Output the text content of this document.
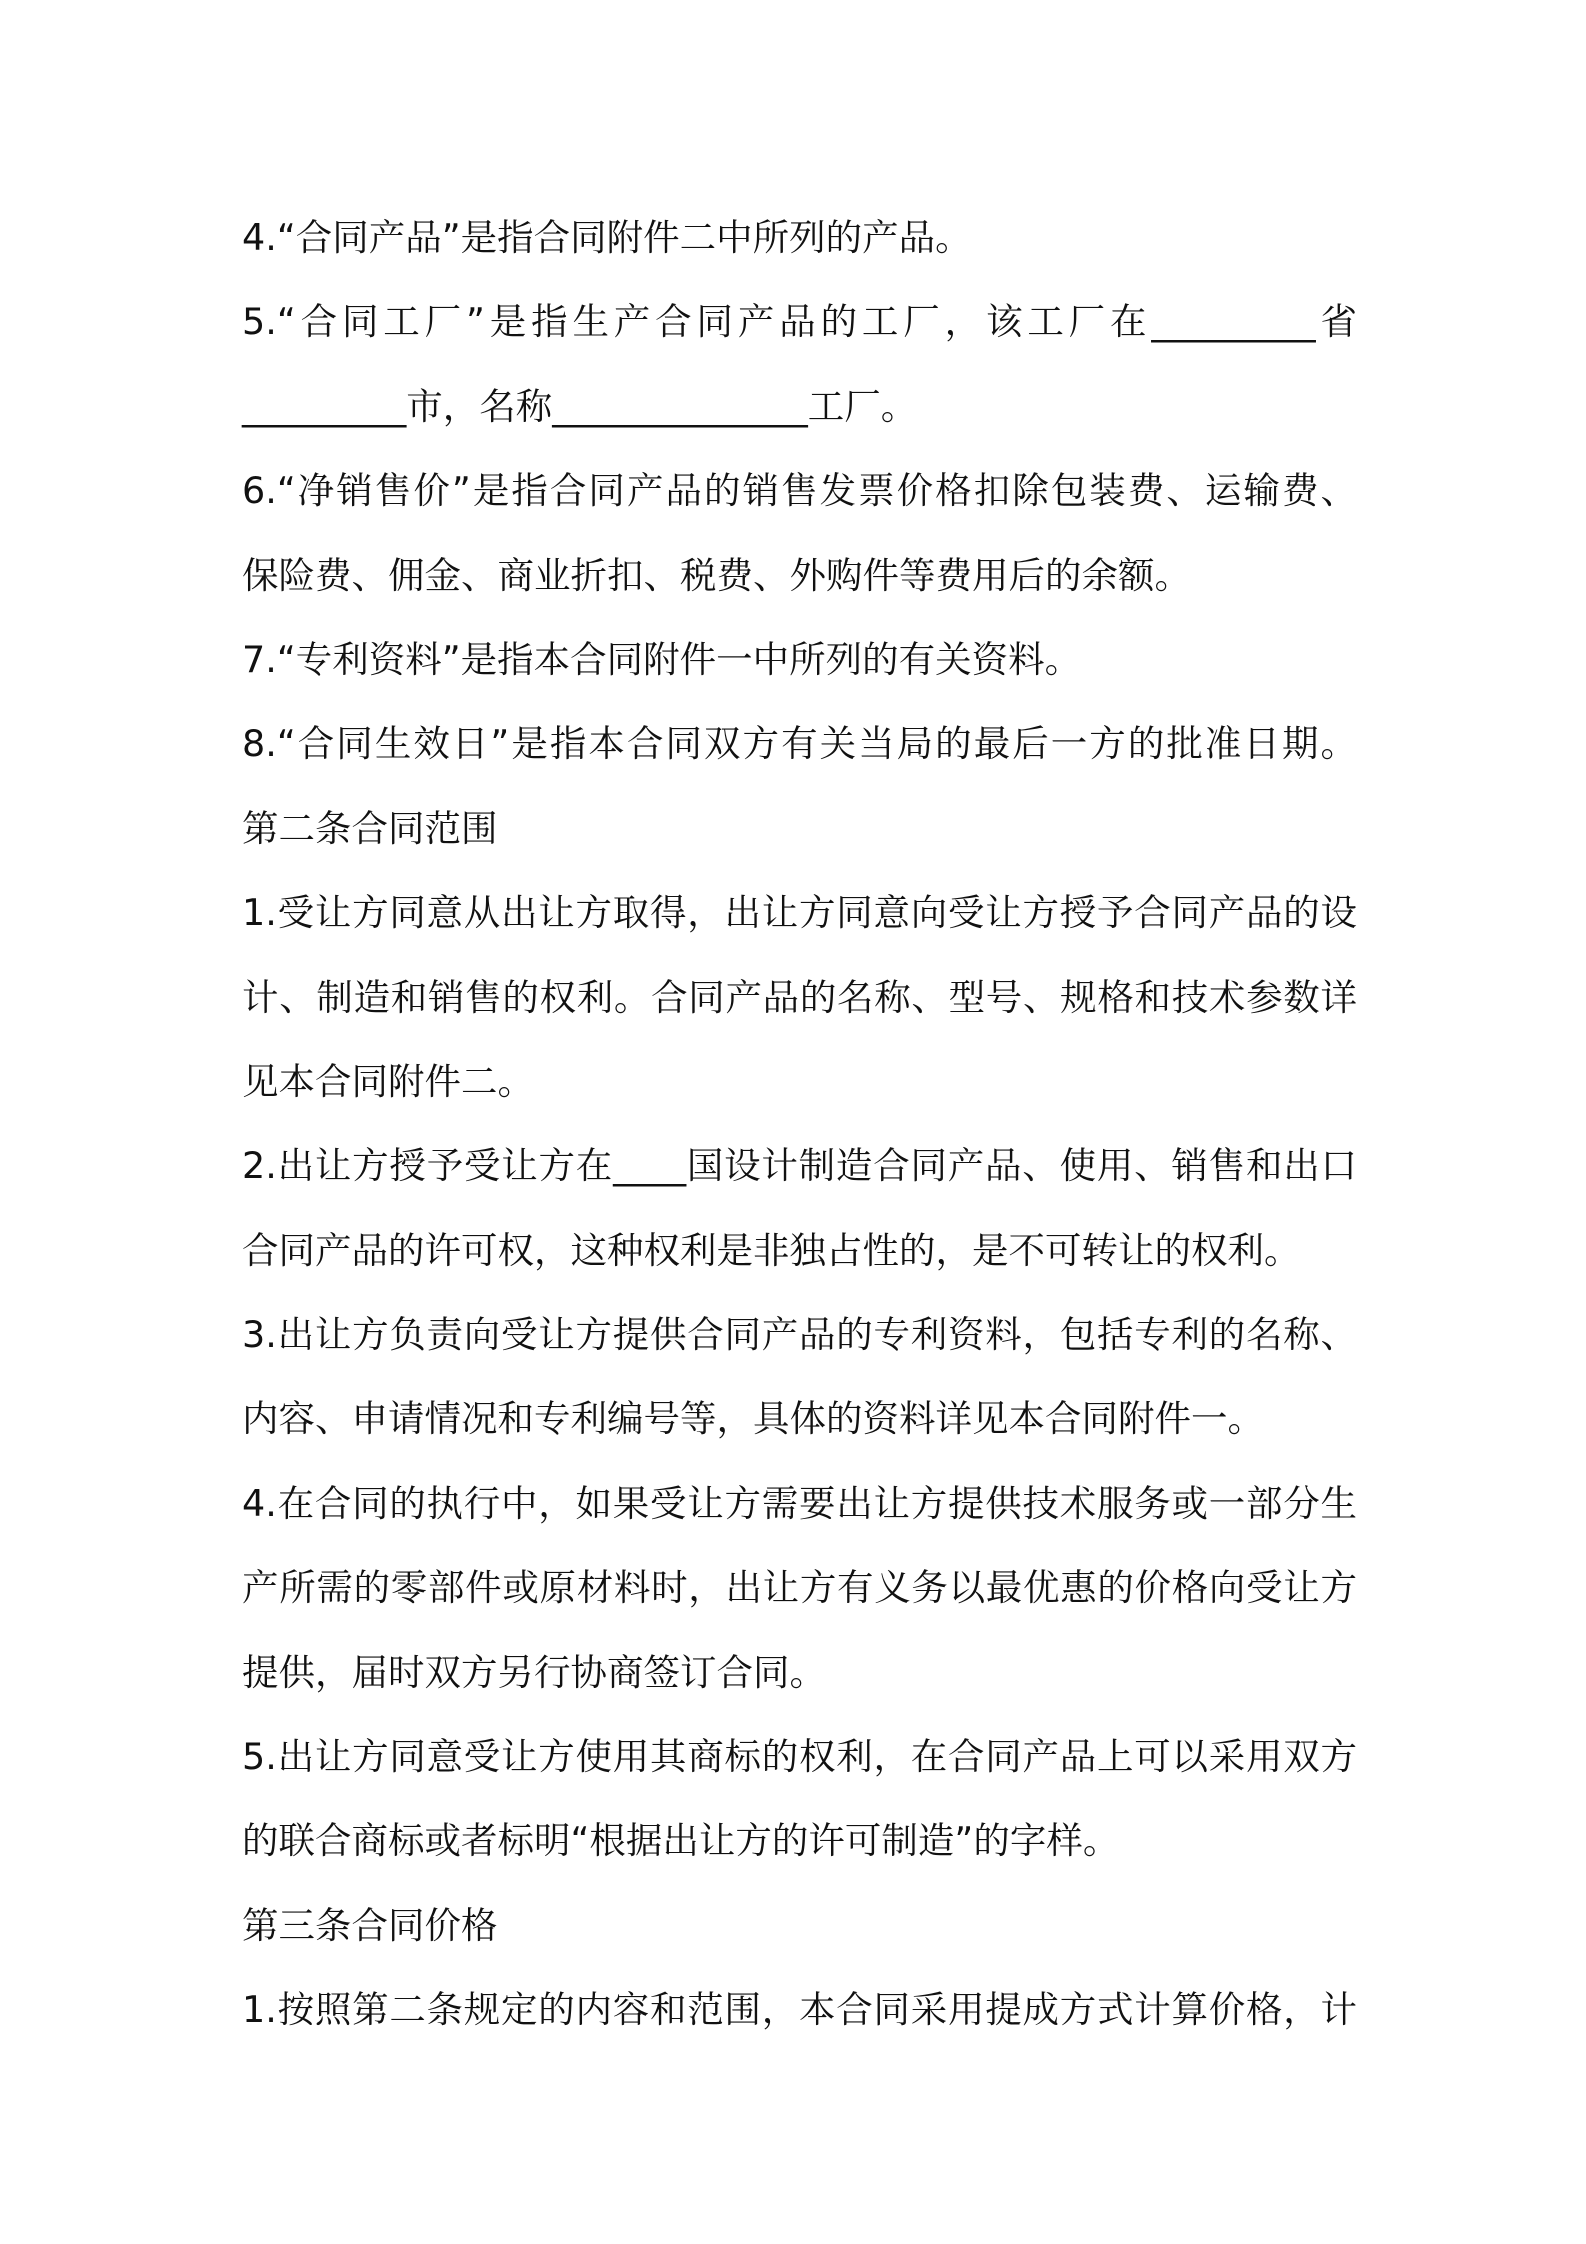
4.“合同产品”是指合同附件二中所列的产品。
5.“合同工厂”是指生产合同产品的工厂，该工厂在_________省
_________市，名称______________工厂。
6.“净销售价”是指合同产品的销售发票价格扣除包装费、运输费、
保险费、佣金、商业折扣、税费、外购件等费用后的余额。
7.“专利资料”是指本合同附件一中所列的有关资料。
8.“合同生效日”是指本合同双方有关当局的最后一方的批准日期。
第二条合同范围
1.受让方同意从出让方取得，出让方同意向受让方授予合同产品的设
计、制造和销售的权利。合同产品的名称、型号、规格和技术参数详
见本合同附件二。
2.出让方授予受让方在____国设计制造合同产品、使用、销售和出口
合同产品的许可权，这种权利是非独占性的，是不可转让的权利。
3.出让方负责向受让方提供合同产品的专利资料，包括专利的名称、
内容、申请情况和专利编号等，具体的资料详见本合同附件一。
4.在合同的执行中，如果受让方需要出让方提供技术服务或一部分生
产所需的零部件或原材料时，出让方有义务以最优惠的价格向受让方
提供，届时双方另行协商签订合同。
5.出让方同意受让方使用其商标的权利，在合同产品上可以采用双方
的联合商标或者标明“根据出让方的许可制造”的字样。
第三条合同价格
1.按照第二条规定的内容和范围，本合同采用提成方式计算价格，计
